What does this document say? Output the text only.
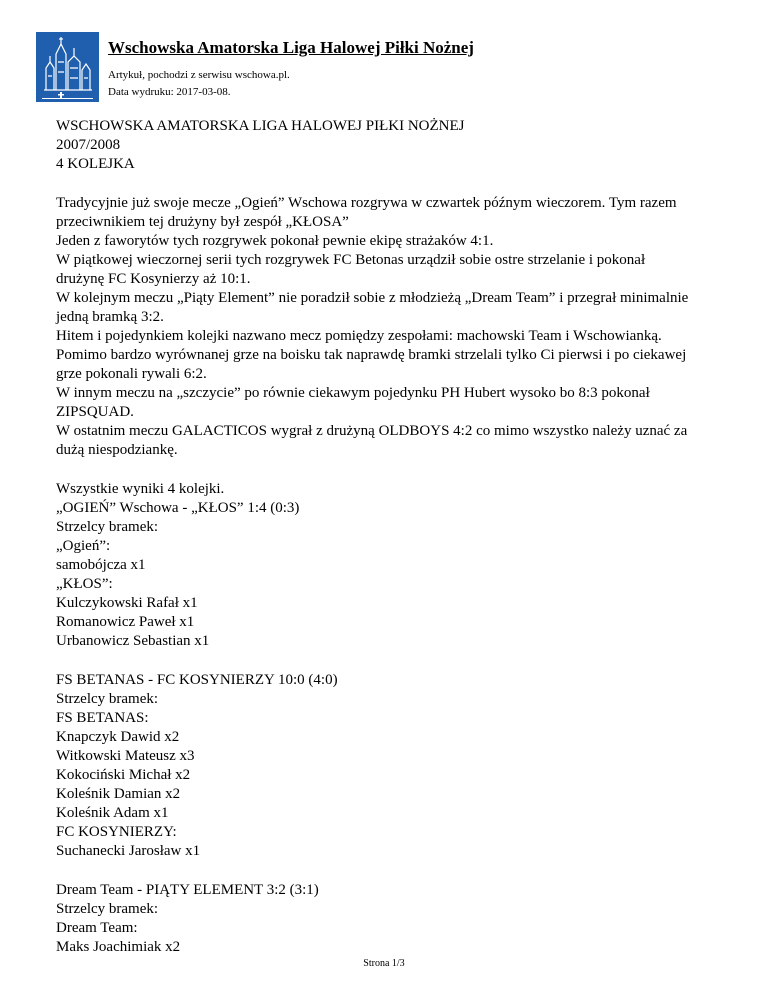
Wschowska Amatorska Liga Halowej Piłki Nożnej
Artykuł, pochodzi z serwisu wschowa.pl.
Data wydruku: 2017-03-08.
WSCHOWSKA AMATORSKA LIGA HALOWEJ PIŁKI NOŻNEJ
2007/2008
4 KOLEJKA
Tradycyjnie już swoje mecze „Ogień” Wschowa rozgrywa w czwartek późnym wieczorem. Tym razem
przeciwnikiem tej drużyny był zespół „KŁOSA”
Jeden z faworytów tych rozgrywek pokonał pewnie ekipę strażaków 4:1.
W piątkowej wieczornej serii tych rozgrywek FC Betonas urządził sobie ostre strzelanie i pokonał
drużynę FC Kosynierzy aż 10:1.
W kolejnym meczu „Piąty Element” nie poradził sobie z młodzieżą „Dream Team” i przegrał minimalnie
jedną bramką 3:2.
Hitem i pojedynkiem kolejki nazwano mecz pomiędzy zespołami: machowski Team i Wschowianką.
Pomimo bardzo wyrównanej grze na boisku tak naprawdę bramki strzelali tylko Ci pierwsi i po ciekawej
grze pokonali rywali 6:2.
W innym meczu na „szczycie” po równie ciekawym pojedynku PH Hubert wysoko bo 8:3 pokonał
ZIPSQUAD.
W ostatnim meczu GALACTICOS wygrał z drużyną OLDBOYS 4:2 co mimo wszystko należy uznać za
dużą niespodziankę.
Wszystkie wyniki 4 kolejki.
„OGIEŃ” Wschowa - „KŁOS” 1:4 (0:3)
Strzelcy bramek:
„Ogień”:
samobójcza x1
„KŁOS”:
Kulczykowski Rafał x1
Romanowicz Paweł x1
Urbanowicz Sebastian x1
FS BETANAS - FC KOSYNIERZY 10:0 (4:0)
Strzelcy bramek:
FS BETANAS:
Knapczyk Dawid x2
Witkowski Mateusz x3
Kokociński Michał x2
Koleśnik Damian x2
Koleśnik Adam x1
FC KOSYNIERZY:
Suchanecki Jarosław x1
Dream Team - PIĄTY ELEMENT 3:2 (3:1)
Strzelcy bramek:
Dream Team:
Maks Joachimiak x2
Strona 1/3
